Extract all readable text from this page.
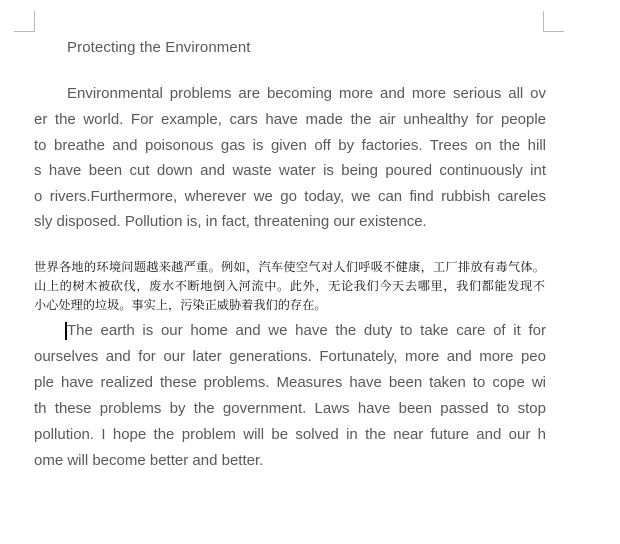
Protecting the Environment
Environmental problems are becoming more and more serious all ov
er the world. For example, cars have made the air unhealthy for people
to breathe and poisonous gas is given off by factories. Trees on the hill
s have been cut down and waste water is being poured continuously int
o rivers.Furthermore, wherever we go today, we can find rubbish careles
sly disposed. Pollution is, in fact, threatening our existence.
世界各地的环境问题越来越严重。例如，汽车使空气对人们呼吸不健康，工厂排放有毒气体。
山上的树木被砍伐，废水不断地倒入河流中。此外，无论我们今天去哪里，我们都能发现不
小心处理的垃圾。事实上，污染正威胁着我们的存在。
The earth is our home and we have the duty to take care of it for
ourselves and for our later generations. Fortunately, more and more peo
ple have realized these problems. Measures have been taken to cope wi
th these problems by the government. Laws have been passed to stop
pollution. I hope the problem will be solved in the near future and our h
ome will become better and better.
